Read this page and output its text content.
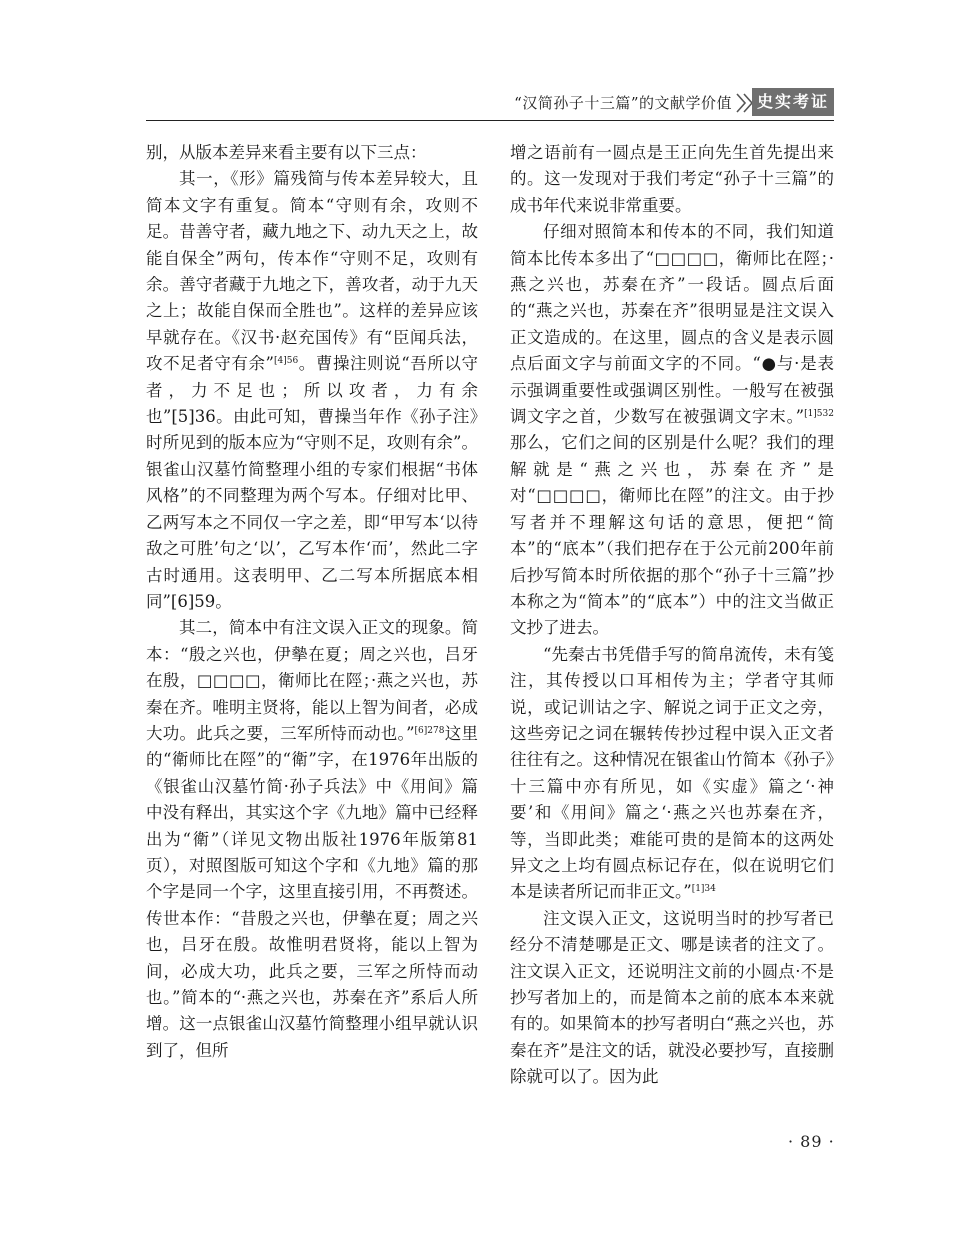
“汉简孙子十三篇”的文献学价值	史实考证

别，从版本差异来看主要有以下三点：

其一，《形》篇残简与传本差异较大，且简本文字有重复。简本“守则有余，攻则不足。昔善守者，藏九地之下、动九天之上，故能自保全”两句，传本作“守则不足，攻则有余。善守者藏于九地之下，善攻者，动于九天之上；故能自保而全胜也”。这样的差异应该早就存在。《汉书·赵充国传》有“臣闻兵法，攻不足者守有余”$^{[4]56}$。曹操注则说“吾所以守者，力不足也；所以攻者，力有余也”[5]36。由此可知，曹操当年作《孙子注》时所见到的版本应为“守则不足，攻则有余”。银雀山汉墓竹简整理小组的专家们根据“书体风格”的不同整理为两个写本。仔细对比甲、乙两写本之不同仅一字之差，即“甲写本‘以待敌之可胜’句之‘以’，乙写本作‘而’，然此二字古时通用。这表明甲、乙二写本所据底本相同”[6]59。

其二，简本中有注文误入正文的现象。简本：“殷之兴也，伊摰在夏；周之兴也，吕牙在殷，□□□□，衛师比在陘；·燕之兴也，苏秦在齐。唯明主贤将，能以上智为间者，必成大功。此兵之要，三军所恃而动也。”$^{[6]278}$这里的“衛师比在陘”的“衛”字，在1976年出版的《银雀山汉墓竹简·孙子兵法》中《用间》篇中没有释出，其实这个字《九地》篇中已经释出为“衛”（详见文物出版社1976年版第81页），对照图版可知这个字和《九地》篇的那个字是同一个字，这里直接引用，不再赘述。传世本作：“昔殷之兴也，伊摰在夏；周之兴也，吕牙在殷。故惟明君贤将，能以上智为间，必成大功，此兵之要，三军之所恃而动也。”简本的“·燕之兴也，苏秦在齐”系后人所增。这一点银雀山汉墓竹简整理小组早就认识到了，但所

增之语前有一圆点是王正向先生首先提出来的。这一发现对于我们考定“孙子十三篇”的成书年代来说非常重要。

仔细对照简本和传本的不同，我们知道简本比传本多出了“□□□□，衛师比在陘；·燕之兴也，苏秦在齐”一段话。圆点后面的“燕之兴也，苏秦在齐”很明显是注文误入正文造成的。在这里，圆点的含义是表示圆点后面文字与前面文字的不同。“●与·是表示强调重要性或强调区别性。一般写在被强调文字之首，少数写在被强调文字末。”$^{[1]532}$那么，它们之间的区别是什么呢？我们的理解就是“燕之兴也，苏秦在齐”是对“□□□□，衛师比在陘”的注文。由于抄写者并不理解这句话的意思，便把“简本”的“底本”（我们把存在于公元前200年前后抄写简本时所依据的那个“孙子十三篇”抄本称之为“简本”的“底本”）中的注文当做正文抄了进去。

“先秦古书凭借手写的简帛流传，未有笺注，其传授以口耳相传为主；学者守其师说，或记训诂之字、解说之词于正文之旁，这些旁记之词在辗转传抄过程中误入正文者往往有之。这种情况在银雀山竹简本《孙子》十三篇中亦有所见，如《实虚》篇之‘·神要’和《用间》篇之‘·燕之兴也苏秦在齐，等，当即此类；难能可贵的是简本的这两处异文之上均有圆点标记存在，似在说明它们本是读者所记而非正文。”$^{[1]34}$

注文误入正文，这说明当时的抄写者已经分不清楚哪是正文、哪是读者的注文了。注文误入正文，还说明注文前的小圆点·不是抄写者加上的，而是简本之前的底本本来就有的。如果简本的抄写者明白“燕之兴也，苏秦在齐”是注文的话，就没必要抄写，直接删除就可以了。因为此

· 89 ·
